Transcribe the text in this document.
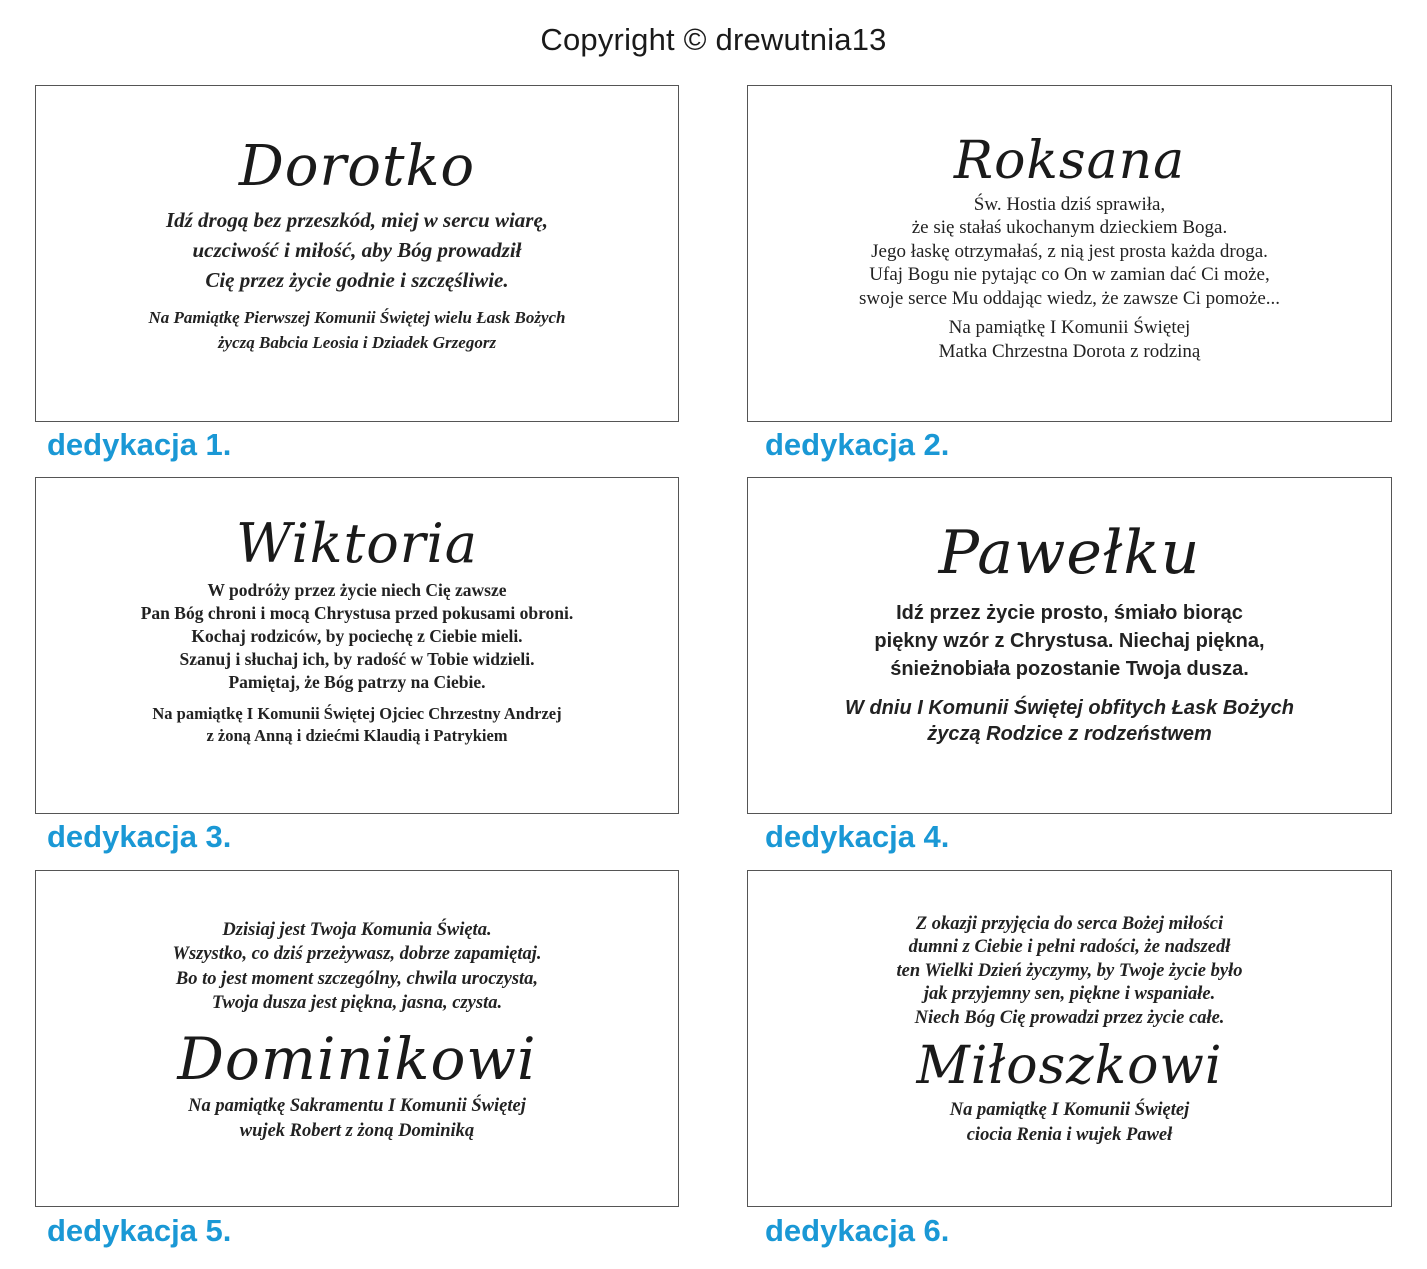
Copyright © drewutnia13
Dorotko
Idź drogą bez przeszkód, miej w sercu wiarę,
uczciwość i miłość, aby Bóg prowadził
Cię przez życie godnie i szczęśliwie.
Na Pamiątkę Pierwszej Komunii Świętej wielu Łask Bożych
życzą Babcia Leosia i Dziadek Grzegorz
dedykacja 1.
Roksana
Św. Hostia dziś sprawiła,
że się stałaś ukochanym dzieckiem Boga.
Jego łaskę otrzymałaś, z nią jest prosta każda droga.
Ufaj Bogu nie pytając co On w zamian dać Ci może,
swoje serce Mu oddając wiedz, że zawsze Ci pomoże...
Na pamiątkę I Komunii Świętej
Matka Chrzestna Dorota z rodziną
dedykacja 2.
Wiktoria
W podróży przez życie niech Cię zawsze
Pan Bóg chroni i mocą Chrystusa przed pokusami obroni.
Kochaj rodziców, by pociechę z Ciebie mieli.
Szanuj i słuchaj ich, by radość w Tobie widzieli.
Pamiętaj, że Bóg patrzy na Ciebie.
Na pamiątkę I Komunii Świętej Ojciec Chrzestny Andrzej
z żoną Anną i dziećmi Klaudią i Patrykiem
dedykacja 3.
Pawełku
Idź przez życie prosto, śmiało biorąc
piękny wzór z Chrystusa. Niechaj piękna,
śnieżnobiała pozostanie Twoja dusza.
W dniu I Komunii Świętej obfitych Łask Bożych
życzą Rodzice z rodzeństwem
dedykacja 4.
Dzisiaj jest Twoja Komunia Święta.
Wszystko, co dziś przeżywasz, dobrze zapamiętaj.
Bo to jest moment szczególny, chwila uroczysta,
Twoja dusza jest piękna, jasna, czysta.
Dominikowi
Na pamiątkę Sakramentu I Komunii Świętej
wujek Robert z żoną Dominiką
dedykacja 5.
Z okazji przyjęcia do serca Bożej miłości
dumni z Ciebie i pełni radości, że nadszedł
ten Wielki Dzień życzymy, by Twoje życie było
jak przyjemny sen, piękne i wspaniałe.
Niech Bóg Cię prowadzi przez życie całe.
Miłoszkowi
Na pamiątkę I Komunii Świętej
ciocia Renia i wujek Paweł
dedykacja 6.
